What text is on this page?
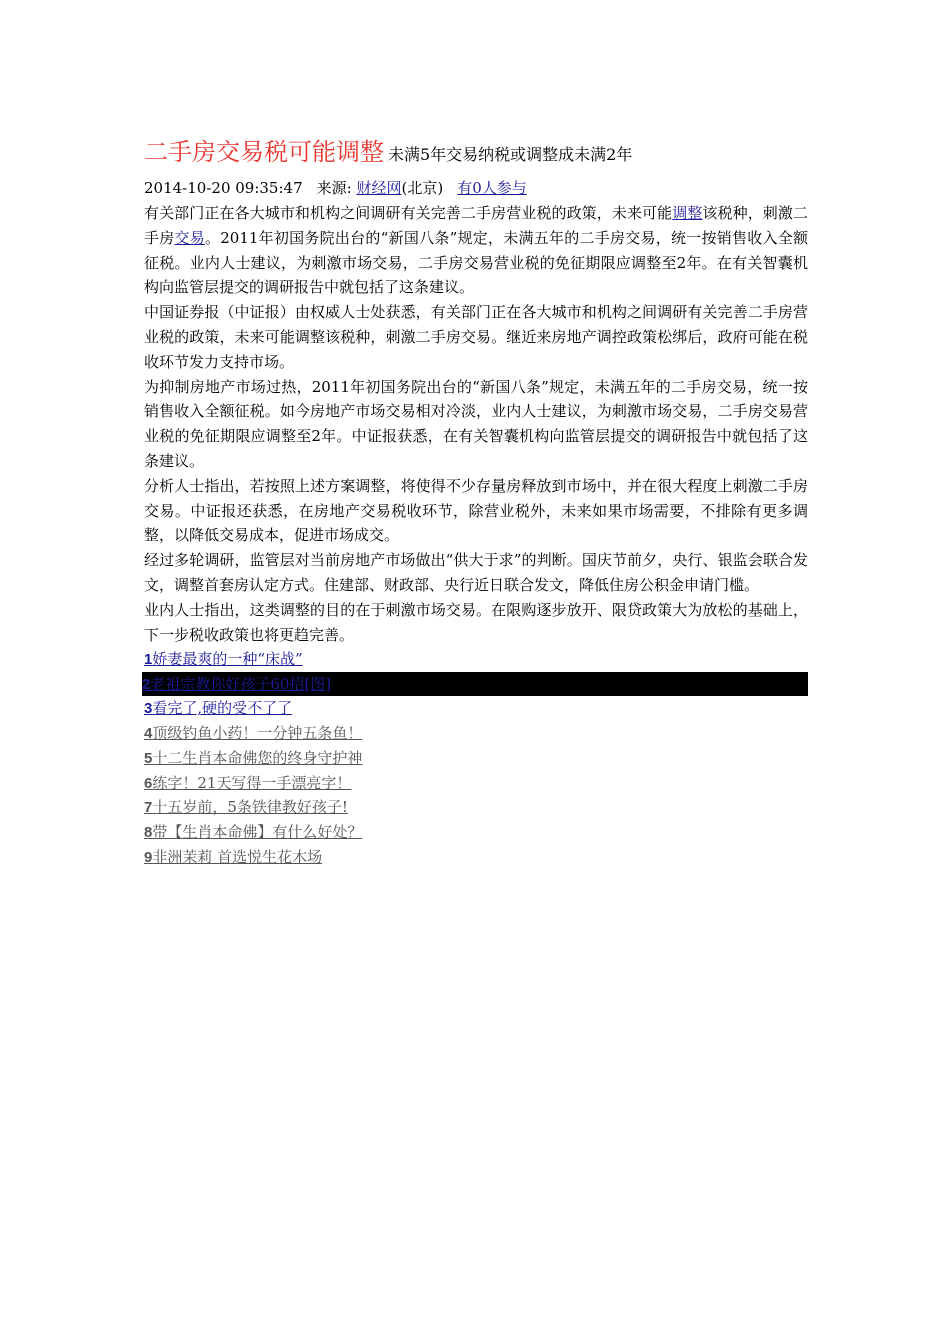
二手房交易税可能调整 未满5年交易纳税或调整成未满2年
2014-10-20 09:35:47 来源: 财经网(北京) 有0人参与

有关部门正在各大城市和机构之间调研有关完善二手房营业税的政策，未来可能调整该税种，刺激二手房交易。2011年初国务院出台的“新国八条”规定，未满五年的二手房交易，统一按销售收入全额征税。业内人士建议，为刺激市场交易，二手房交易营业税的免征期限应调整至2年。在有关智囊机构向监管层提交的调研报告中就包括了这条建议。

中国证券报（中证报）由权威人士处获悉，有关部门正在各大城市和机构之间调研有关完善二手房营业税的政策，未来可能调整该税种，刺激二手房交易。继近来房地产调控政策松绑后，政府可能在税收环节发力支持市场。

为抑制房地产市场过热，2011年初国务院出台的“新国八条”规定，未满五年的二手房交易，统一按销售收入全额征税。如今房地产市场交易相对冷淡，业内人士建议，为刺激市场交易，二手房交易营业税的免征期限应调整至2年。中证报获悉，在有关智囊机构向监管层提交的调研报告中就包括了这条建议。

分析人士指出，若按照上述方案调整，将使得不少存量房释放到市场中，并在很大程度上刺激二手房交易。中证报还获悉，在房地产交易税收环节，除营业税外，未来如果市场需要，不排除有更多调整，以降低交易成本，促进市场成交。

经过多轮调研，监管层对当前房地产市场做出“供大于求”的判断。国庆节前夕，央行、银监会联合发文，调整首套房认定方式。住建部、财政部、央行近日联合发文，降低住房公积金申请门槛。

业内人士指出，这类调整的目的在于刺激市场交易。在限购逐步放开、限贷政策大为放松的基础上，下一步税收政策也将更趋完善。

1娇妻最爽的一种“床战”
2老祖宗教你好孩子60招[图]
3看完了,硬的受不了了
4顶级钓鱼小药！一分钟五条鱼！
5十二生肖本命佛您的终身守护神
6练字！21天写得一手漂亮字！
7十五岁前，5条铁律教好孩子!
8带【生肖本命佛】有什么好处？
9非洲茉莉 首选悦生花木场
